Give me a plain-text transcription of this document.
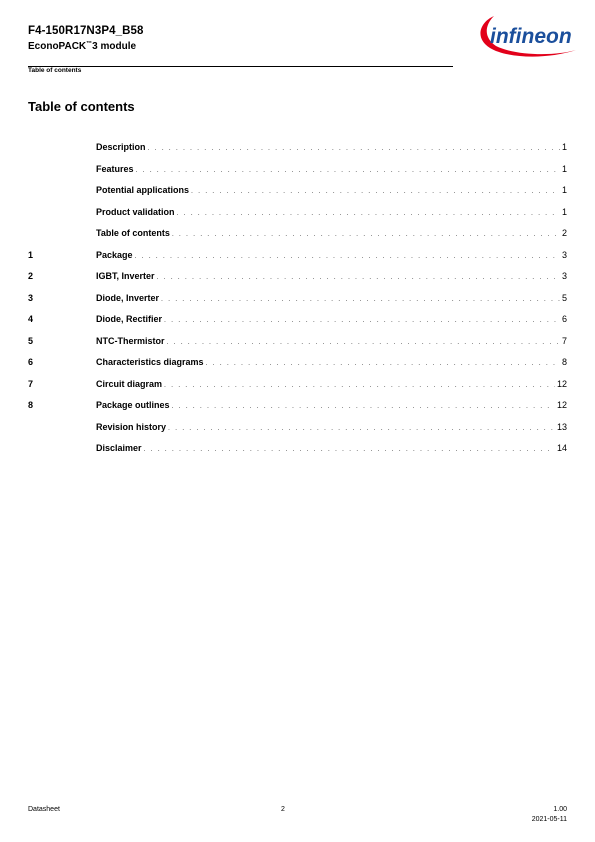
F4-150R17N3P4_B58
EconoPACK™3 module
Table of contents
infineon
Table of contents
Description . . .	1
Features . . .	1
Potential applications . . .	1
Product validation . . .	1
Table of contents . . .	2
1	Package . . .	3
2	IGBT, Inverter . . .	3
3	Diode, Inverter . . .	5
4	Diode, Rectifier . . .	6
5	NTC-Thermistor . . .	7
6	Characteristics diagrams . . .	8
7	Circuit diagram . . .	12
8	Package outlines . . .	12
Revision history . . .	13
Disclaimer . . .	14
Datasheet	2	1.00
2021-05-11
